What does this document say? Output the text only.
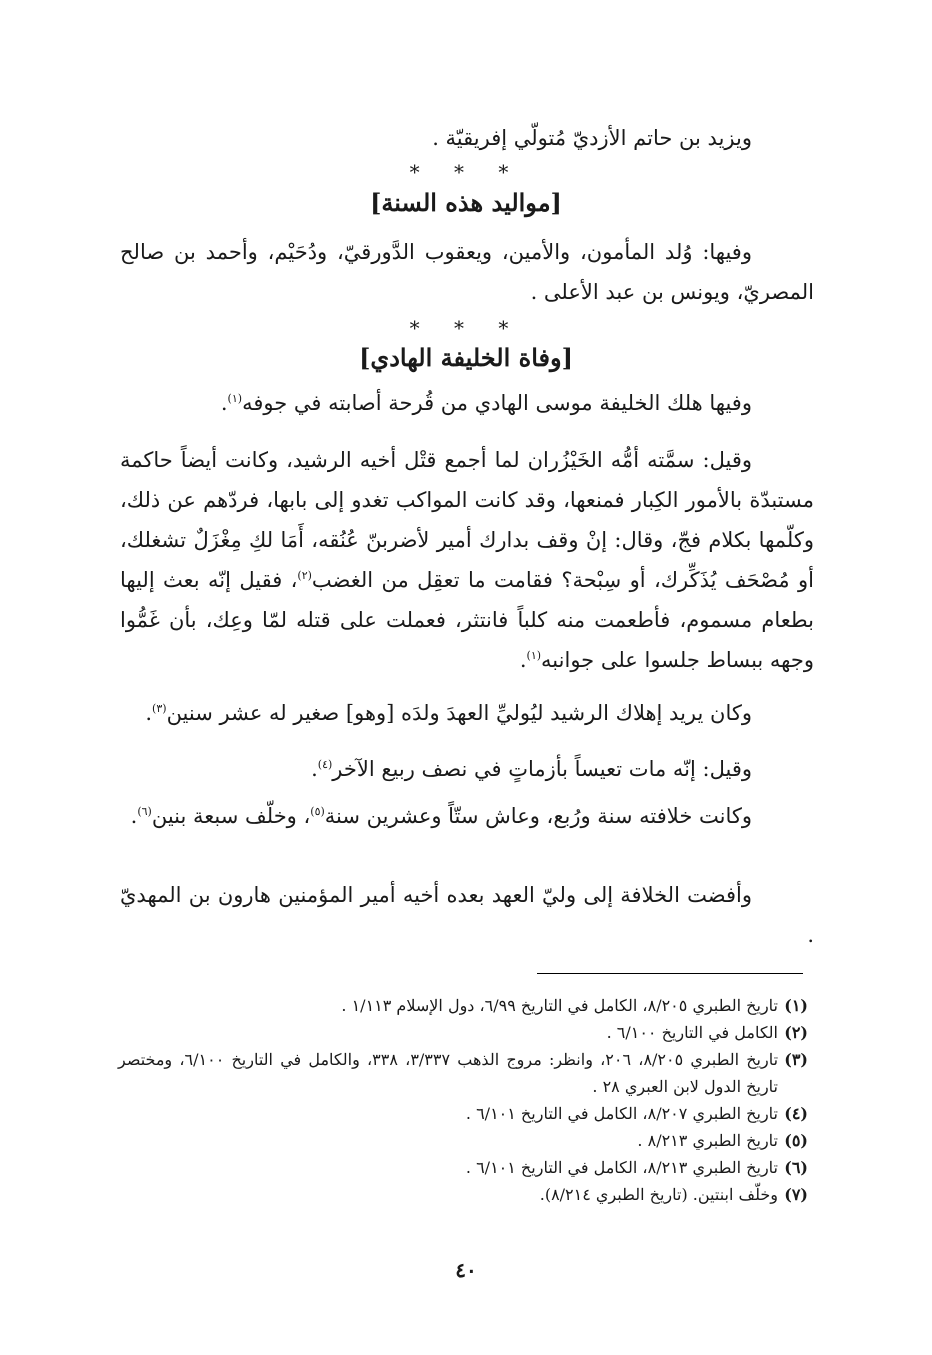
ويزيد بن حاتم الأزديّ مُتولّي إفريقيّة .

* * *
[مواليد هذه السنة]

وفيها: وُلد المأمون، والأمين، ويعقوب الدَّورقيّ، ودُحَيْم، وأحمد بن صالح المصريّ، ويونس بن عبد الأعلى .

* * *
[وفاة الخليفة الهادي]

وفيها هلك الخليفة موسى الهادي من قُرحة أصابته في جوفه$^{(١)}$.

وقيل: سمَّته أمُّه الخَيْزُران لما أجمع قتْل أخيه الرشيد، وكانت أيضاً حاكمة مستبدّة بالأمور الكِبار فمنعها، وقد كانت المواكب تغدو إلى بابها، فردّهم عن ذلك، وكلّمها بكلام فجّ، وقال: إنْ وقف بدارك أمير لأضربنّ عُنُقه، أَمَا لكِ مِغْزَلٌ تشغلك، أو مُصْحَف يُذَكِّرك، أو سِبْحة؟ فقامت ما تعقِل من الغضب$^{(٢)}$، فقيل إنّه بعث إليها بطعام مسموم، فأطعمت منه كلباً فانتثر، فعملت على قتله لمّا وعِك، بأن غَمُّوا وجهه ببساط جلسوا على جوانبه$^{(١)}$.

وكان يريد إهلاك الرشيد ليُوليِّ العهدَ ولدَه [وهو] صغير له عشر سنين$^{(٣)}$.

وقيل: إنّه مات تعيساً بأزماتٍ في نصف ربيع الآخر$^{(٤)}$.

وكانت خلافته سنة ورُبع، وعاش ستّاً وعشرين سنة$^{(٥)}$، وخلّف سبعة بنين$^{(٦)}$.

وأفضت الخلافة إلى وليّ العهد بعده أخيه أمير المؤمنين هارون بن المهديّ .

(١)
تاريخ الطبري ٨/٢٠٥، الكامل في التاريخ ٦/٩٩، دول الإسلام ١/١١٣ .
(٢)
الكامل في التاريخ ٦/١٠٠ .
(٣)
تاريخ الطبري ٨/٢٠٥، ٢٠٦، وانظر: مروج الذهب ٣/٣٣٧، ٣٣٨، والكامل في التاريخ ٦/١٠٠، ومختصر تاريخ الدول لابن العبري ٢٨ .
(٤)
تاريخ الطبري ٨/٢٠٧، الكامل في التاريخ ٦/١٠١ .
(٥)
تاريخ الطبري ٨/٢١٣ .
(٦)
تاريخ الطبري ٨/٢١٣، الكامل في التاريخ ٦/١٠١ .
(٧)
وخلّف ابنتين. (تاريخ الطبري ٨/٢١٤).
٤٠
